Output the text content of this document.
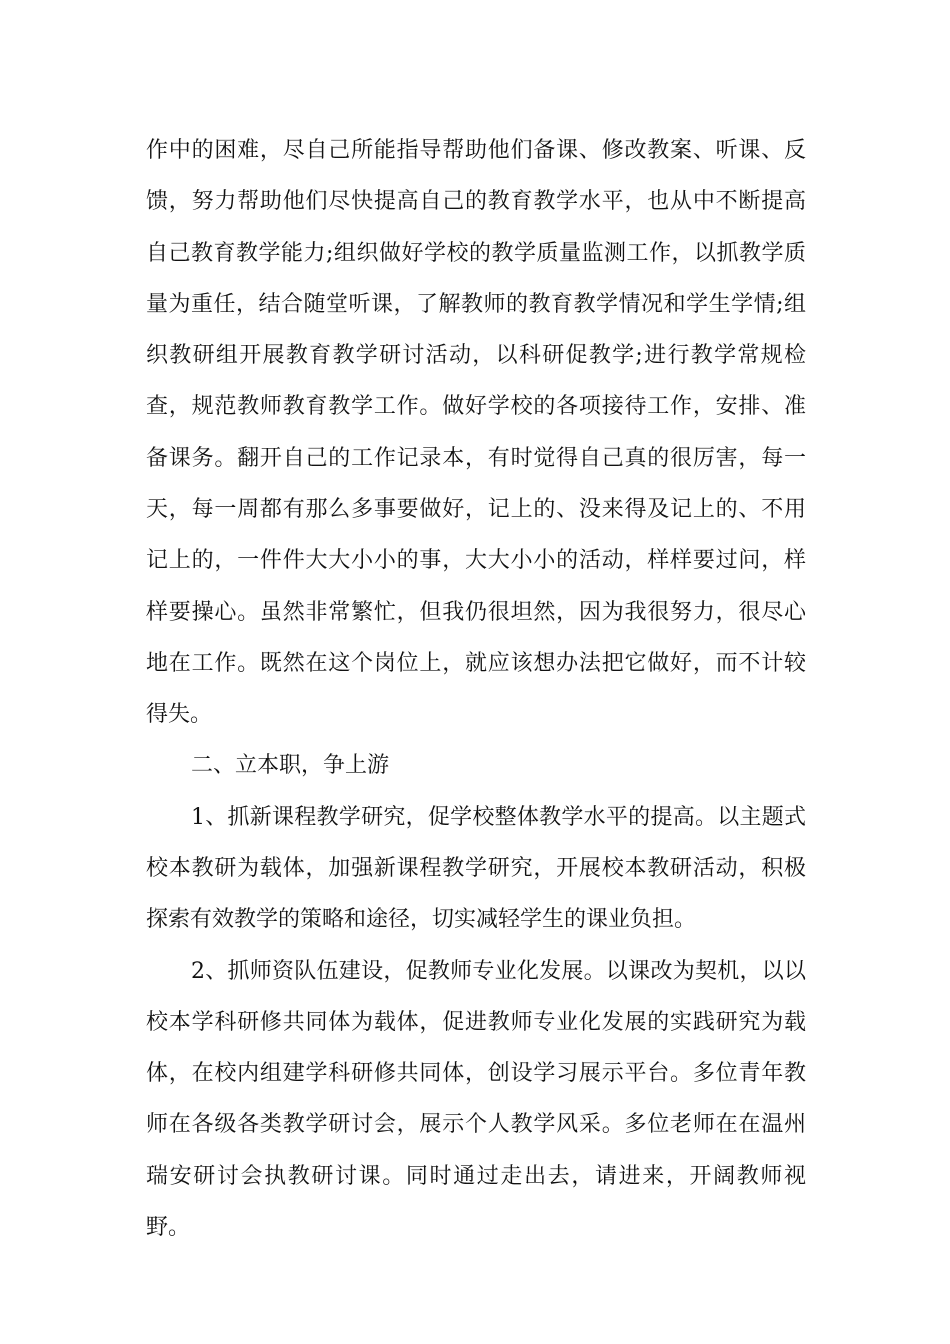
作中的困难，尽自己所能指导帮助他们备课、修改教案、听课、反
馈，努力帮助他们尽快提高自己的教育教学水平，也从中不断提高
自己教育教学能力;组织做好学校的教学质量监测工作，以抓教学质
量为重任，结合随堂听课，了解教师的教育教学情况和学生学情;组
织教研组开展教育教学研讨活动，以科研促教学;进行教学常规检
查，规范教师教育教学工作。做好学校的各项接待工作，安排、准
备课务。翻开自己的工作记录本，有时觉得自己真的很厉害，每一
天，每一周都有那么多事要做好，记上的、没来得及记上的、不用
记上的，一件件大大小小的事，大大小小的活动，样样要过问，样
样要操心。虽然非常繁忙，但我仍很坦然，因为我很努力，很尽心
地在工作。既然在这个岗位上，就应该想办法把它做好，而不计较
得失。
二、立本职，争上游
1、抓新课程教学研究，促学校整体教学水平的提高。以主题式
校本教研为载体，加强新课程教学研究，开展校本教研活动，积极
探索有效教学的策略和途径，切实减轻学生的课业负担。
2、抓师资队伍建设，促教师专业化发展。以课改为契机，以以
校本学科研修共同体为载体，促进教师专业化发展的实践研究为载
体，在校内组建学科研修共同体，创设学习展示平台。多位青年教
师在各级各类教学研讨会，展示个人教学风采。多位老师在在温州
瑞安研讨会执教研讨课。同时通过走出去，请进来，开阔教师视
野。
